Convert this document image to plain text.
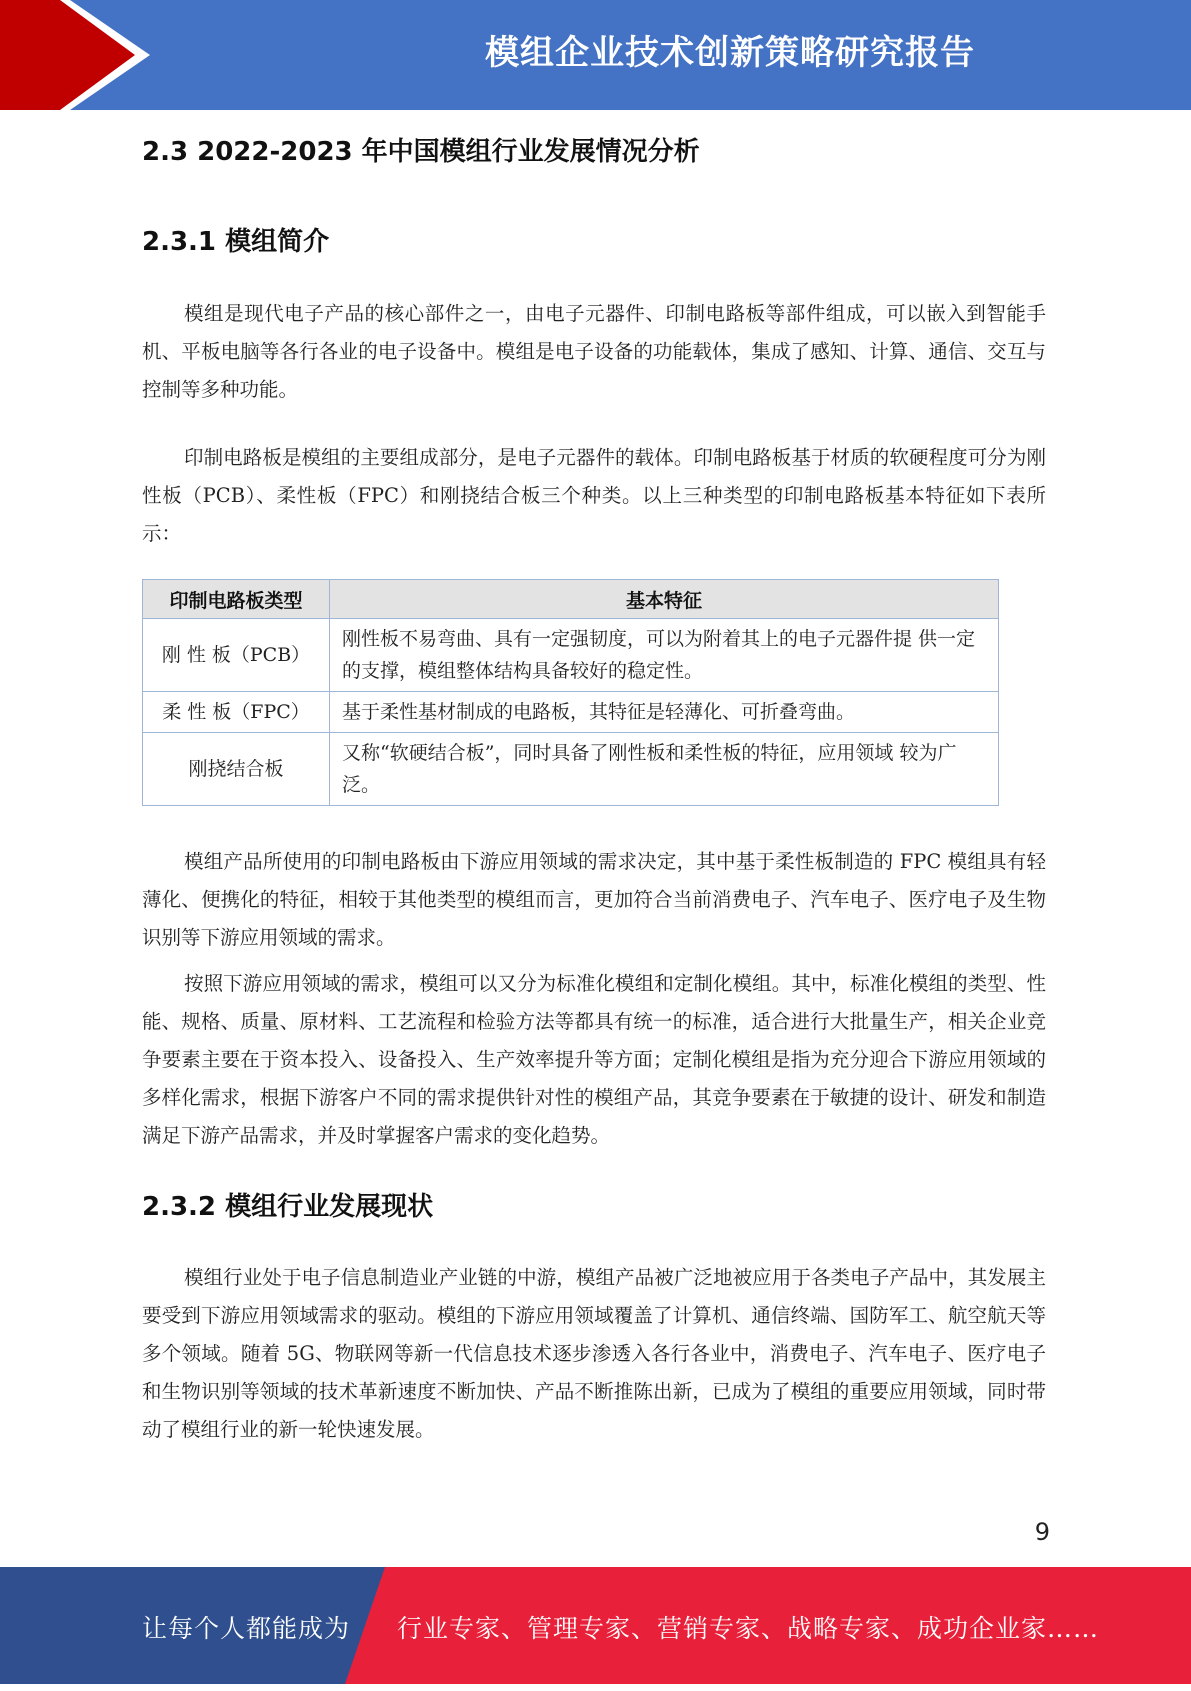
模组企业技术创新策略研究报告
2.3 2022-2023 年中国模组行业发展情况分析
2.3.1 模组简介

模组是现代电子产品的核心部件之一，由电子元器件、印制电路板等部件组成，可以嵌入到智能手机、平板电脑等各行各业的电子设备中。模组是电子设备的功能载体，集成了感知、计算、通信、交互与控制等多种功能。

印制电路板是模组的主要组成部分，是电子元器件的载体。印制电路板基于材质的软硬程度可分为刚性板（PCB）、柔性板（FPC）和刚挠结合板三个种类。以上三种类型的印制电路板基本特征如下表所示：

印制电路板类型	基本特征
刚 性 板（PCB）	刚性板不易弯曲、具有一定强韧度，可以为附着其上的电子元器件提 供一定的支撑，模组整体结构具备较好的稳定性。
柔 性 板（FPC）	基于柔性基材制成的电路板，其特征是轻薄化、可折叠弯曲。
刚挠结合板	又称“软硬结合板”，同时具备了刚性板和柔性板的特征，应用领域 较为广泛。

模组产品所使用的印制电路板由下游应用领域的需求决定，其中基于柔性板制造的 FPC 模组具有轻薄化、便携化的特征，相较于其他类型的模组而言，更加符合当前消费电子、汽车电子、医疗电子及生物识别等下游应用领域的需求。

按照下游应用领域的需求，模组可以又分为标准化模组和定制化模组。其中，标准化模组的类型、性能、规格、质量、原材料、工艺流程和检验方法等都具有统一的标准，适合进行大批量生产，相关企业竞争要素主要在于资本投入、设备投入、生产效率提升等方面；定制化模组是指为充分迎合下游应用领域的多样化需求，根据下游客户不同的需求提供针对性的模组产品，其竞争要素在于敏捷的设计、研发和制造满足下游产品需求，并及时掌握客户需求的变化趋势。

2.3.2 模组行业发展现状

模组行业处于电子信息制造业产业链的中游，模组产品被广泛地被应用于各类电子产品中，其发展主要受到下游应用领域需求的驱动。模组的下游应用领域覆盖了计算机、通信终端、国防军工、航空航天等多个领域。随着 5G、物联网等新一代信息技术逐步渗透入各行各业中，消费电子、汽车电子、医疗电子和生物识别等领域的技术革新速度不断加快、产品不断推陈出新，已成为了模组的重要应用领域，同时带动了模组行业的新一轮快速发展。

9
让每个人都能成为 行业专家、管理专家、营销专家、战略专家、成功企业家……
